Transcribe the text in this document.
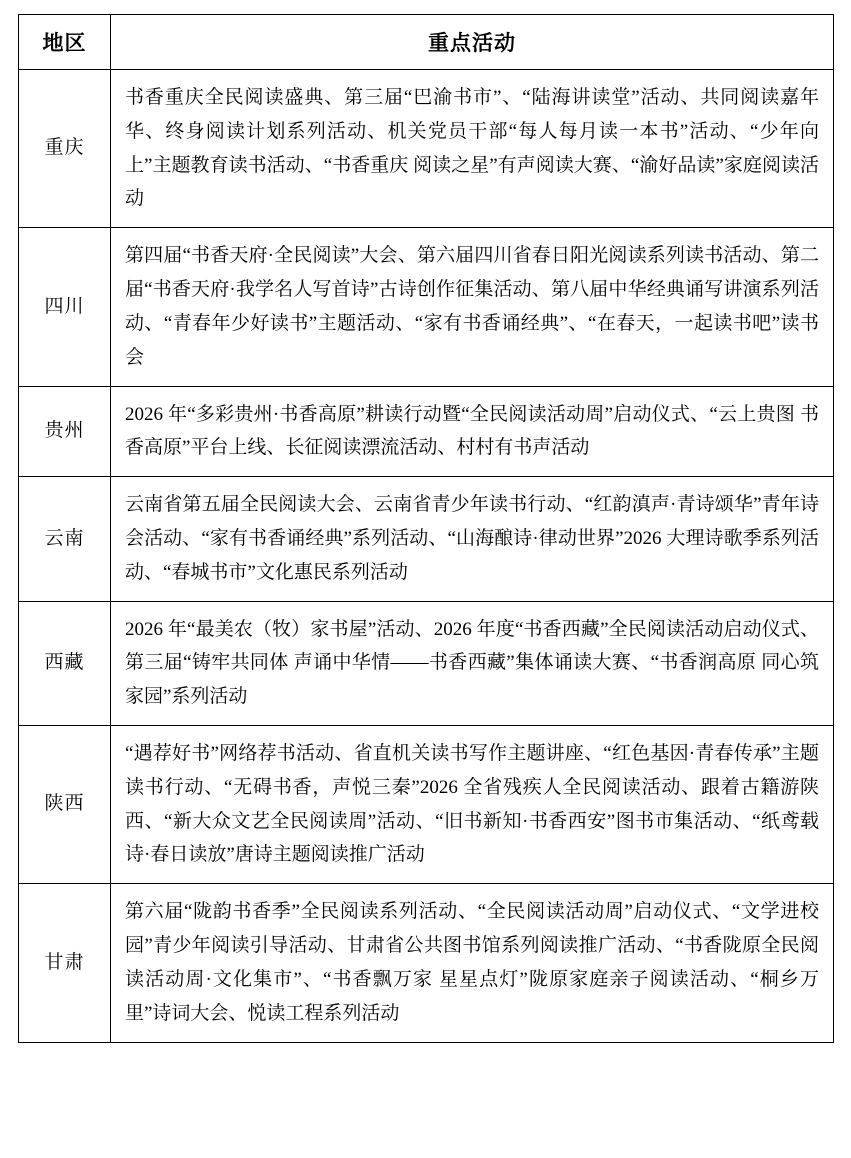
地区	重点活动
重庆	书香重庆全民阅读盛典、第三届“巴渝书市”、“陆海讲读堂”活动、共同阅读嘉年华、终身阅读计划系列活动、机关党员干部“每人每月读一本书”活动、“少年向上”主题教育读书活动、“书香重庆 阅读之星”有声阅读大赛、“渝好品读”家庭阅读活动
四川	第四届“书香天府·全民阅读”大会、第六届四川省春日阳光阅读系列读书活动、第二届“书香天府·我学名人写首诗”古诗创作征集活动、第八届中华经典诵写讲演系列活动、“青春年少好读书”主题活动、“家有书香诵经典”、“在春天，一起读书吧”读书会
贵州	2026 年“多彩贵州·书香高原”耕读行动暨“全民阅读活动周”启动仪式、“云上贵图 书香高原”平台上线、长征阅读漂流活动、村村有书声活动
云南	云南省第五届全民阅读大会、云南省青少年读书行动、“红韵滇声·青诗颂华”青年诗会活动、“家有书香诵经典”系列活动、“山海酿诗·律动世界”2026 大理诗歌季系列活动、“春城书市”文化惠民系列活动
西藏	2026 年“最美农（牧）家书屋”活动、2026 年度“书香西藏”全民阅读活动启动仪式、第三届“铸牢共同体 声诵中华情——书香西藏”集体诵读大赛、“书香润高原 同心筑家园”系列活动
陕西	“遇荐好书”网络荐书活动、省直机关读书写作主题讲座、“红色基因·青春传承”主题读书行动、“无碍书香，声悦三秦”2026 全省残疾人全民阅读活动、跟着古籍游陕西、“新大众文艺全民阅读周”活动、“旧书新知·书香西安”图书市集活动、“纸鸢载诗·春日读放”唐诗主题阅读推广活动
甘肃	第六届“陇韵书香季”全民阅读系列活动、“全民阅读活动周”启动仪式、“文学进校园”青少年阅读引导活动、甘肃省公共图书馆系列阅读推广活动、“书香陇原全民阅读活动周·文化集市”、“书香飘万家 星星点灯”陇原家庭亲子阅读活动、“桐乡万里”诗词大会、悦读工程系列活动
